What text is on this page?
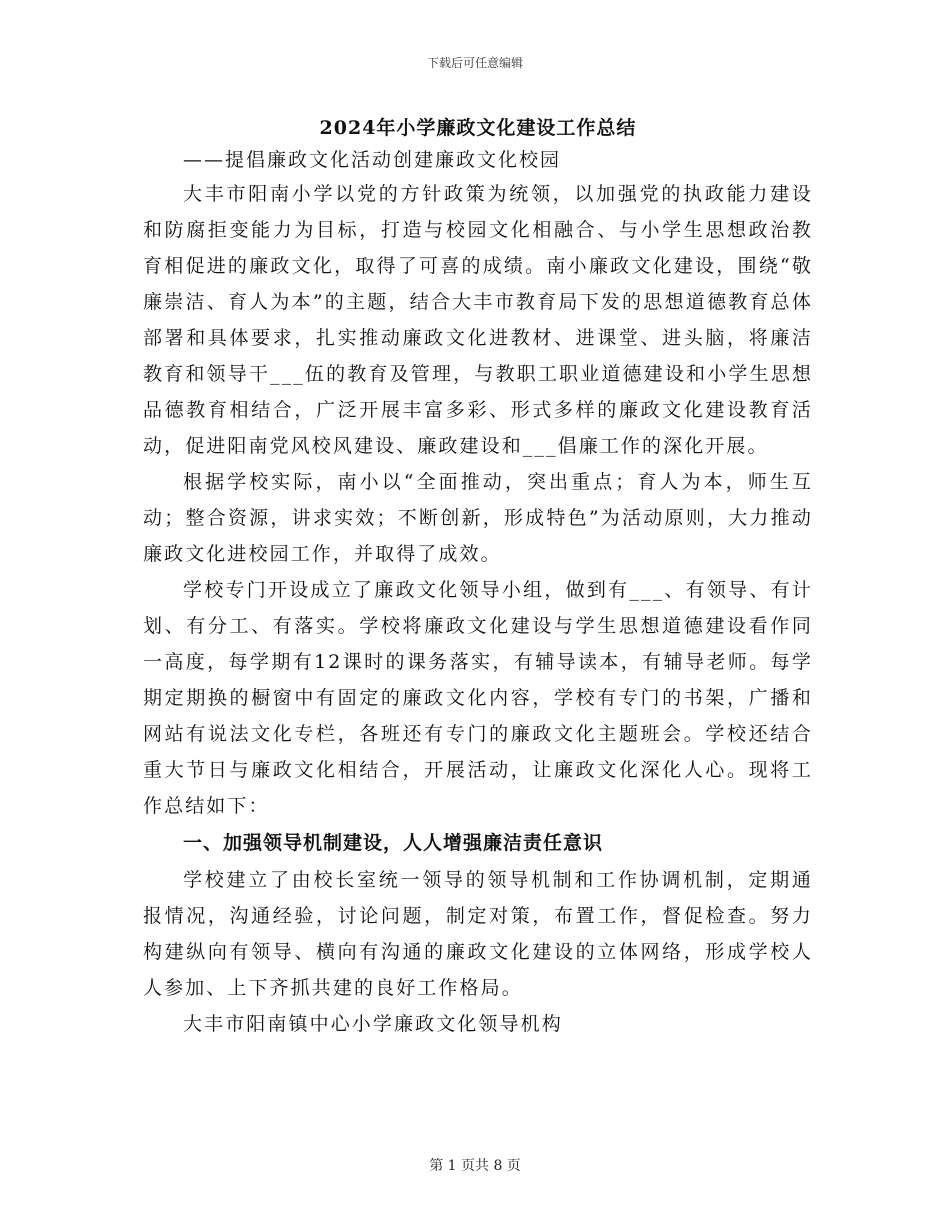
下载后可任意编辑
2024年小学廉政文化建设工作总结

——提倡廉政文化活动创建廉政文化校园

大丰市阳南小学以党的方针政策为统领，以加强党的执政能力建设和防腐拒变能力为目标，打造与校园文化相融合、与小学生思想政治教育相促进的廉政文化，取得了可喜的成绩。南小廉政文化建设，围绕“敬廉崇洁、育人为本”的主题，结合大丰市教育局下发的思想道德教育总体部署和具体要求，扎实推动廉政文化进教材、进课堂、进头脑，将廉洁教育和领导干___伍的教育及管理，与教职工职业道德建设和小学生思想品德教育相结合，广泛开展丰富多彩、形式多样的廉政文化建设教育活动，促进阳南党风校风建设、廉政建设和___倡廉工作的深化开展。

根据学校实际，南小以“全面推动，突出重点；育人为本，师生互动；整合资源，讲求实效；不断创新，形成特色”为活动原则，大力推动廉政文化进校园工作，并取得了成效。

学校专门开设成立了廉政文化领导小组，做到有___、有领导、有计划、有分工、有落实。学校将廉政文化建设与学生思想道德建设看作同一高度，每学期有12课时的课务落实，有辅导读本，有辅导老师。每学期定期换的橱窗中有固定的廉政文化内容，学校有专门的书架，广播和网站有说法文化专栏，各班还有专门的廉政文化主题班会。学校还结合重大节日与廉政文化相结合，开展活动，让廉政文化深化人心。现将工作总结如下：

一、加强领导机制建设，人人增强廉洁责任意识

学校建立了由校长室统一领导的领导机制和工作协调机制，定期通报情况，沟通经验，讨论问题，制定对策，布置工作，督促检查。努力构建纵向有领导、横向有沟通的廉政文化建设的立体网络，形成学校人人参加、上下齐抓共建的良好工作格局。

大丰市阳南镇中心小学廉政文化领导机构

第 1 页共 8 页
